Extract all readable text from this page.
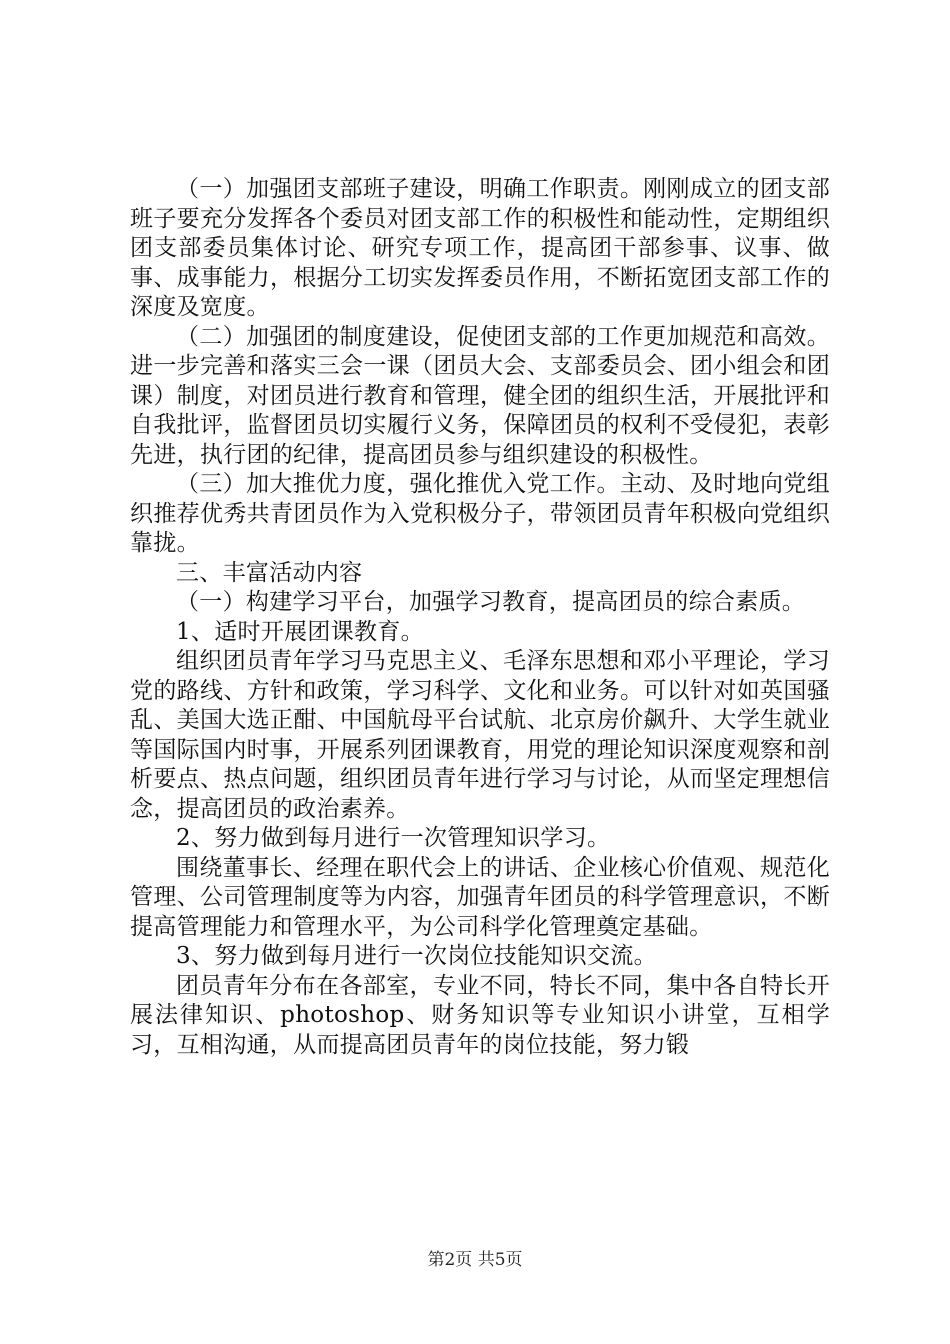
（一）加强团支部班子建设，明确工作职责。刚刚成立的团支部班子要充分发挥各个委员对团支部工作的积极性和能动性，定期组织团支部委员集体讨论、研究专项工作，提高团干部参事、议事、做事、成事能力，根据分工切实发挥委员作用，不断拓宽团支部工作的深度及宽度。

（二）加强团的制度建设，促使团支部的工作更加规范和高效。进一步完善和落实三会一课（团员大会、支部委员会、团小组会和团课）制度，对团员进行教育和管理，健全团的组织生活，开展批评和自我批评，监督团员切实履行义务，保障团员的权利不受侵犯，表彰先进，执行团的纪律，提高团员参与组织建设的积极性。

（三）加大推优力度，强化推优入党工作。主动、及时地向党组织推荐优秀共青团员作为入党积极分子，带领团员青年积极向党组织靠拢。

三、丰富活动内容

（一）构建学习平台，加强学习教育，提高团员的综合素质。

1、适时开展团课教育。

组织团员青年学习马克思主义、毛泽东思想和邓小平理论，学习党的路线、方针和政策，学习科学、文化和业务。可以针对如英国骚乱、美国大选正酣、中国航母平台试航、北京房价飙升、大学生就业等国际国内时事，开展系列团课教育，用党的理论知识深度观察和剖析要点、热点问题，组织团员青年进行学习与讨论，从而坚定理想信念，提高团员的政治素养。

2、努力做到每月进行一次管理知识学习。

围绕董事长、经理在职代会上的讲话、企业核心价值观、规范化管理、公司管理制度等为内容，加强青年团员的科学管理意识，不断提高管理能力和管理水平，为公司科学化管理奠定基础。

3、努力做到每月进行一次岗位技能知识交流。

团员青年分布在各部室，专业不同，特长不同，集中各自特长开展法律知识、photoshop、财务知识等专业知识小讲堂，互相学习，互相沟通，从而提高团员青年的岗位技能，努力锻

第2页 共5页
